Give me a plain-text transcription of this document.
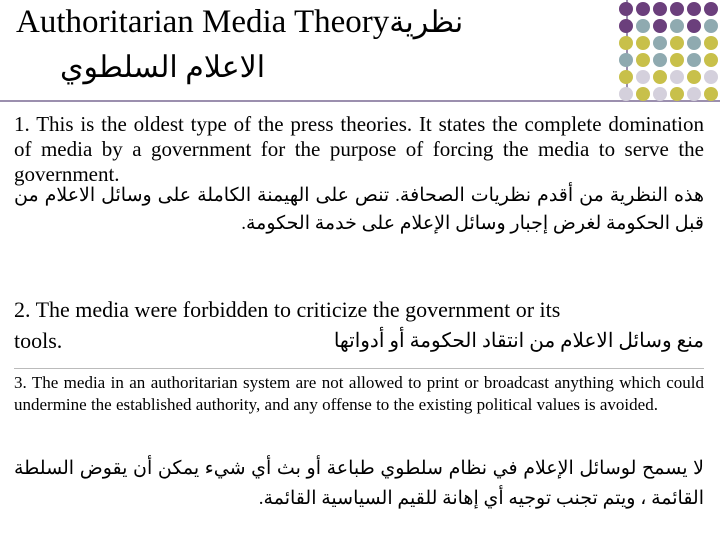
Authoritarian Media Theoryنظرية
الاعلام السلطوي
1. This is the oldest type of the press theories. It states the complete domination of media by a government for the purpose of forcing the media to serve the government.
هذه النظرية من أقدم نظريات الصحافة. تنص على الهيمنة الكاملة على وسائل الاعلام من قبل الحكومة لغرض إجبار وسائل الإعلام على خدمة الحكومة.
2. The media were forbidden to criticize the government or its
tools.	منع وسائل الاعلام من انتقاد الحكومة أو أدواتها
3. The media in an authoritarian system are not allowed to print or broadcast anything which could undermine the established authority, and any offense to the existing political values is avoided.
لا يسمح لوسائل الإعلام في نظام سلطوي طباعة أو بث أي شيء يمكن أن يقوض السلطة القائمة ، ويتم تجنب توجيه أي إهانة للقيم السياسية القائمة.
